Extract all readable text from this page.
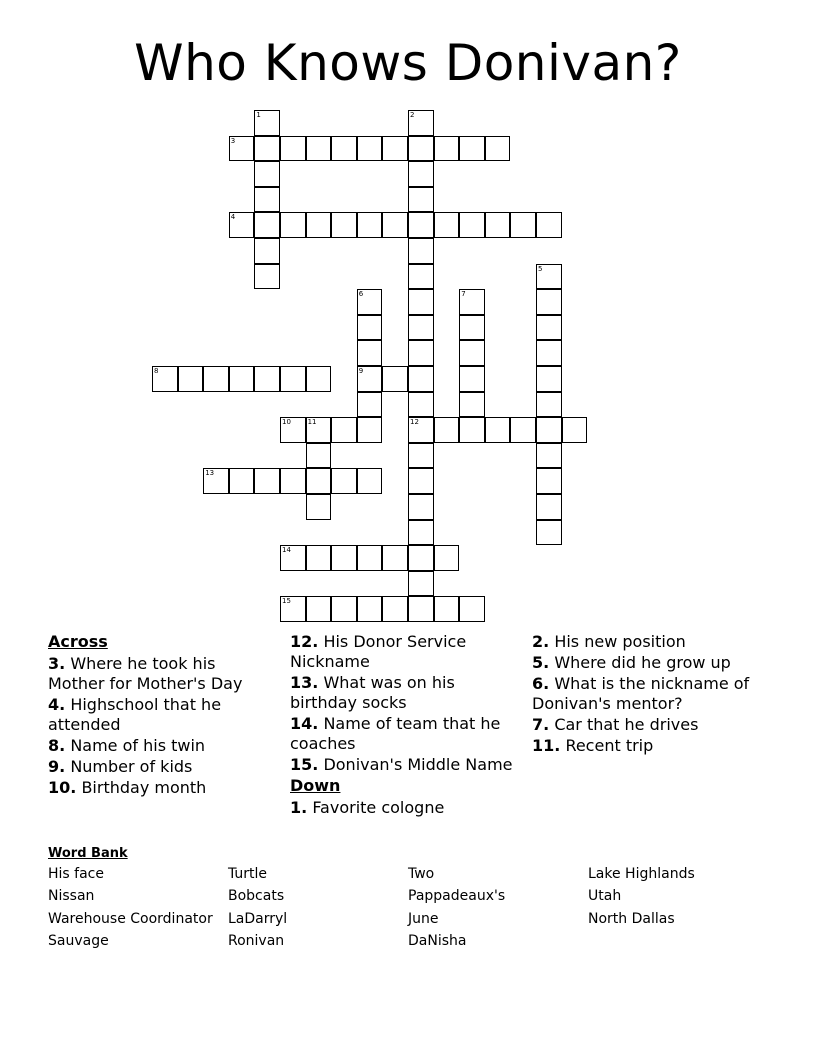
Who Knows Donivan?
1	2
12
3
4
5
6
9
7
8
10 11
13
14
15
Across
3. Where he took his Mother for Mother's Day
4. Highschool that he attended
8. Name of his twin
9. Number of kids
10. Birthday month
12. His Donor Service Nickname
13. What was on his birthday socks
14. Name of team that he coaches
15. Donivan's Middle Name
Down
1. Favorite cologne
2. His new position
5. Where did he grow up
6. What is the nickname of Donivan's mentor?
7. Car that he drives
11. Recent trip
Word Bank
His face	Turtle	Two	Lake Highlands
Nissan	Bobcats	Pappadeaux's	Utah
Warehouse Coordinator	LaDarryl	June	North Dallas
Sauvage	Ronivan	DaNisha
